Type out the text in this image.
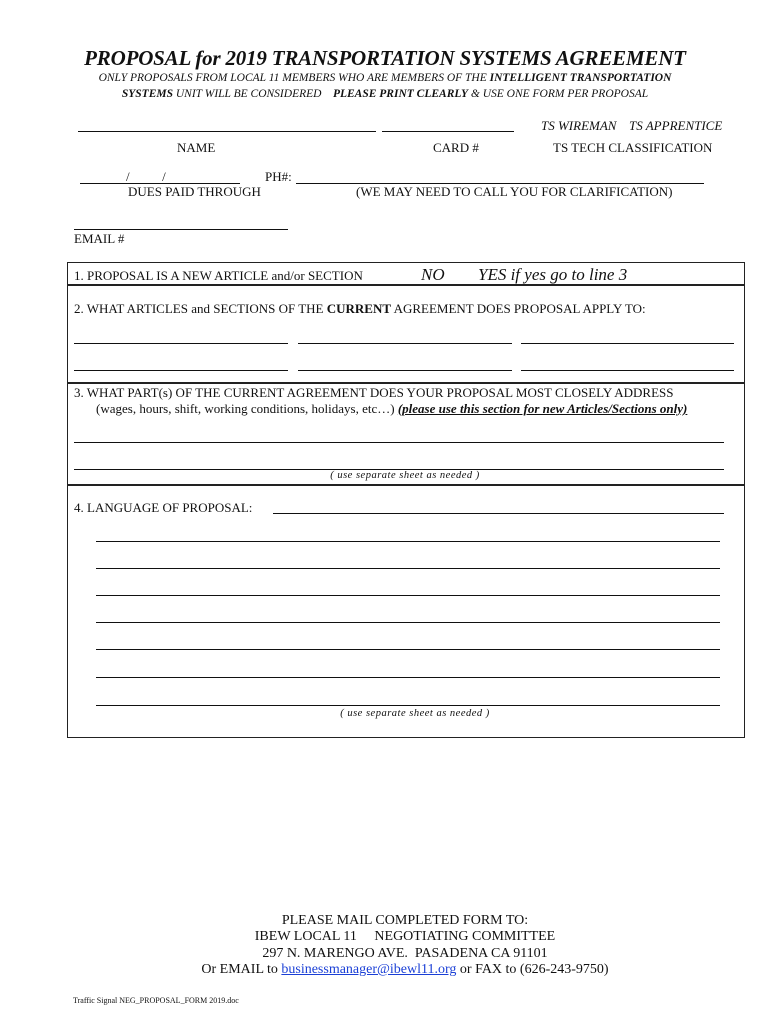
PROPOSAL for 2019 TRANSPORTATION SYSTEMS AGREEMENT
ONLY PROPOSALS FROM LOCAL 11 MEMBERS WHO ARE MEMBERS OF THE INTELLIGENT TRANSPORTATION
SYSTEMS UNIT WILL BE CONSIDERED PLEASE PRINT CLEARLY & USE ONE FORM PER PROPOSAL
TS WIREMAN TS APPRENTICE
NAME	CARD #	TS TECH CLASSIFICATION
/          /	PH#:
DUES PAID THROUGH	(WE MAY NEED TO CALL YOU FOR CLARIFICATION)
EMAIL #
1. PROPOSAL IS A NEW ARTICLE and/or SECTION	NO YES if yes go to line 3
2. WHAT ARTICLES and SECTIONS OF THE CURRENT AGREEMENT DOES PROPOSAL APPLY TO:
3. WHAT PART(s) OF THE CURRENT AGREEMENT DOES YOUR PROPOSAL MOST CLOSELY ADDRESS
(wages, hours, shift, working conditions, holidays, etc…) (please use this section for new Articles/Sections only)
( use separate sheet as needed )
4. LANGUAGE OF PROPOSAL:
( use separate sheet as needed )
PLEASE MAIL COMPLETED FORM TO:
IBEW LOCAL 11     NEGOTIATING COMMITTEE
297 N. MARENGO AVE.  PASADENA CA 91101
Or EMAIL to businessmanager@ibewl11.org or FAX to (626-243-9750)
Traffic Signal NEG_PROPOSAL_FORM 2019.doc
